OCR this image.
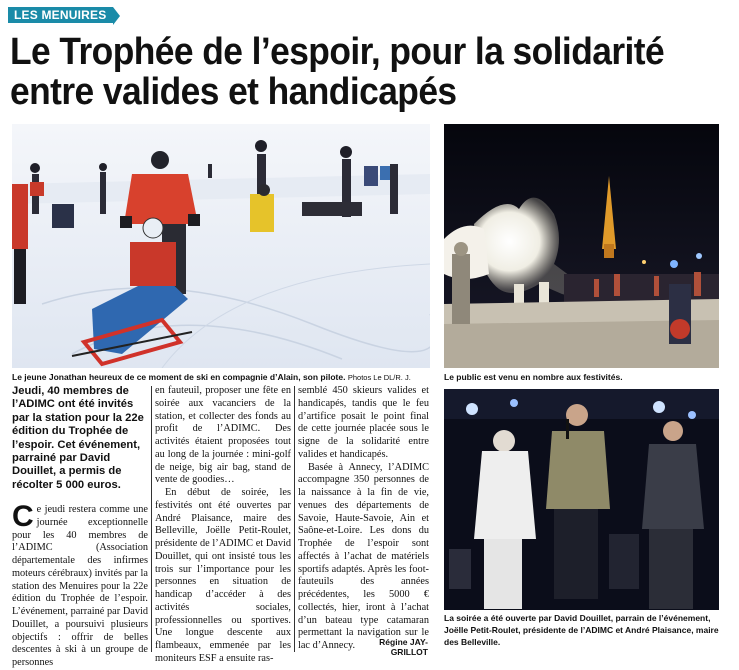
LES MENUIRES
Le Trophée de l’espoir, pour la solidarité entre valides et handicapés
Le jeune Jonathan heureux de ce moment de ski en compagnie d’Alain, son pilote. Photos Le DL/R. J.	Le public est venu en nombre aux festivités.
Jeudi, 40 membres de l’ADIMC ont été invités par la station pour la 22e édition du Trophée de l’espoir. Cet événement, parrainé par David Douillet, a permis de récolter 5 000 euros.
Ce jeudi restera comme une journée exceptionnelle pour les 40 membres de l’ADIMC (Association départementale des infirmes moteurs cérébraux) invités par la station des Menuires pour la 22e édition du Trophée de l’espoir. L’événement, parrainé par David Douillet, a poursuivi plusieurs objectifs : offrir de belles descentes à ski à un groupe de personnes
en fauteuil, proposer une fête en soirée aux vacanciers de la station, et collecter des fonds au profit de l’ADIMC. Des activités étaient proposées tout au long de la journée : mini-golf de neige, big air bag, stand de vente de goodies…
En début de soirée, les festivités ont été ouvertes par André Plaisance, maire des Belleville, Joëlle Petit-Roulet, présidente de l’ADIMC et David Douillet, qui ont insisté tous les trois sur l’importance pour les personnes en situation de handicap d’accéder à des activités sociales, professionnelles ou sportives. Une longue descente aux flambeaux, emmenée par les moniteurs ESF a ensuite ras-
semblé 450 skieurs valides et handicapés, tandis que le feu d’artifice posait le point final de cette journée placée sous le signe de la solidarité entre valides et handicapés.
Basée à Annecy, l’ADIMC accompagne 350 personnes de la naissance à la fin de vie, venues des départements de Savoie, Haute-Savoie, Ain et Saône-et-Loire. Les dons du Trophée de l’espoir sont affectés à l’achat de matériels sportifs adaptés. Après les foot-fauteuils des années précédentes, les 5000 € collectés, hier, iront à l’achat d’un bateau type catamaran permettant la navigation sur le lac d’Annecy.	Régine JAY-GRILLOT
La soirée a été ouverte par David Douillet, parrain de l’événement, Joëlle Petit-Roulet, présidente de l’ADIMC et André Plaisance, maire des Belleville.
